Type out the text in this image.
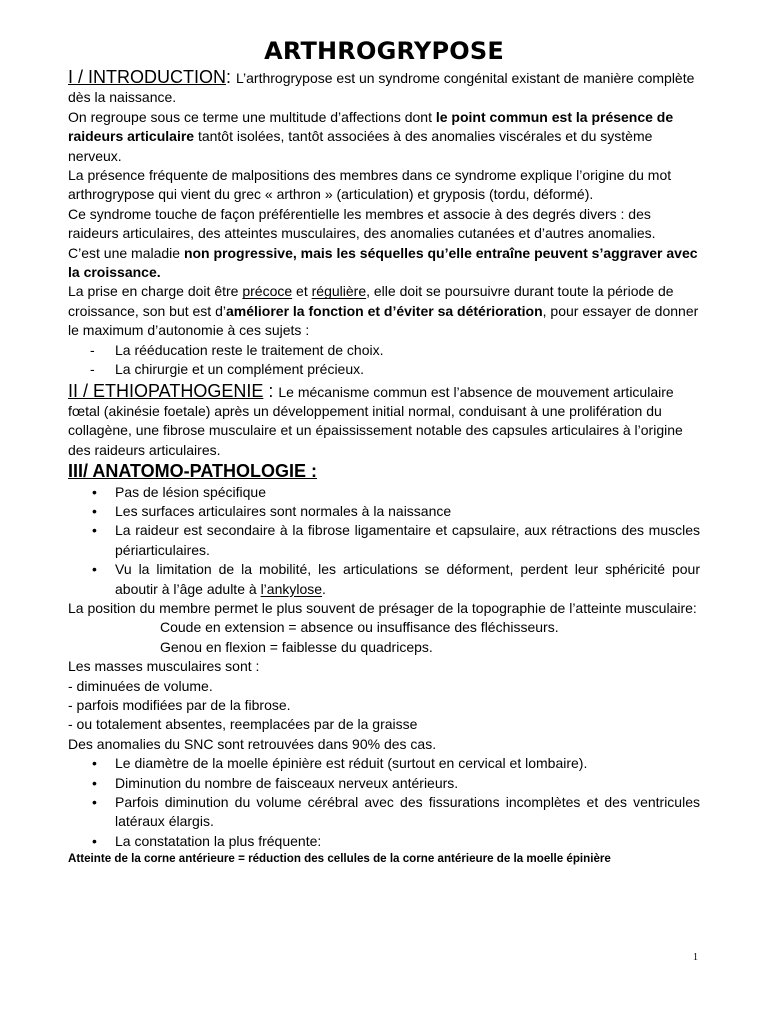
ARTHROGRYPOSE

I / INTRODUCTION: L’arthrogrypose est un syndrome congénital existant de manière complète dès la naissance.

On regroupe sous ce terme une multitude d’affections dont le point commun est la présence de raideurs articulaire tantôt isolées, tantôt associées à des anomalies viscérales et du système nerveux.

La présence fréquente de malpositions des membres dans ce syndrome explique l’origine du mot arthrogrypose qui vient du grec « arthron » (articulation) et gryposis (tordu, déformé).

Ce syndrome touche de façon préférentielle les membres et associe à des degrés divers : des raideurs articulaires, des atteintes musculaires, des anomalies cutanées et d’autres anomalies.

C’est une maladie non progressive, mais les séquelles qu’elle entraîne peuvent s’aggraver avec la croissance.

La prise en charge doit être précoce et régulière, elle doit se poursuivre durant toute la période de croissance, son but est d’améliorer la fonction et d’éviter sa détérioration, pour essayer de donner le maximum d’autonomie à ces sujets :

- La rééducation reste le traitement de choix.
- La chirurgie et un complément précieux.

II / ETHIOPATHOGENIE : Le mécanisme commun est l’absence de mouvement articulaire fœtal (akinésie foetale) après un développement initial normal, conduisant à une prolifération du collagène, une fibrose musculaire et un épaississement notable des capsules articulaires à l’origine des raideurs articulaires.

III/ ANATOMO-PATHOLOGIE :

• Pas de lésion spécifique
• Les surfaces articulaires sont normales à la naissance
• La raideur est secondaire à la fibrose ligamentaire et capsulaire, aux rétractions des muscles périarticulaires.
• Vu la limitation de la mobilité, les articulations se déforment, perdent leur sphéricité pour aboutir à l’âge adulte à l’ankylose.

La position du membre permet le plus souvent de présager de la topographie de l’atteinte musculaire:

Coude en extension = absence ou insuffisance des fléchisseurs.

Genou en flexion = faiblesse du quadriceps.

Les masses musculaires sont :

- diminuées de volume.

- parfois modifiées par de la fibrose.

- ou totalement absentes, reemplacées par de la graisse

Des anomalies du SNC sont retrouvées dans 90% des cas.

• Le diamètre de la moelle épinière est réduit (surtout en cervical et lombaire).
• Diminution du nombre de faisceaux nerveux antérieurs.
• Parfois diminution du volume cérébral avec des fissurations incomplètes et des ventricules latéraux élargis.
• La constatation la plus fréquente:

Atteinte de la corne antérieure = réduction des cellules de la corne antérieure de la moelle épinière

1
